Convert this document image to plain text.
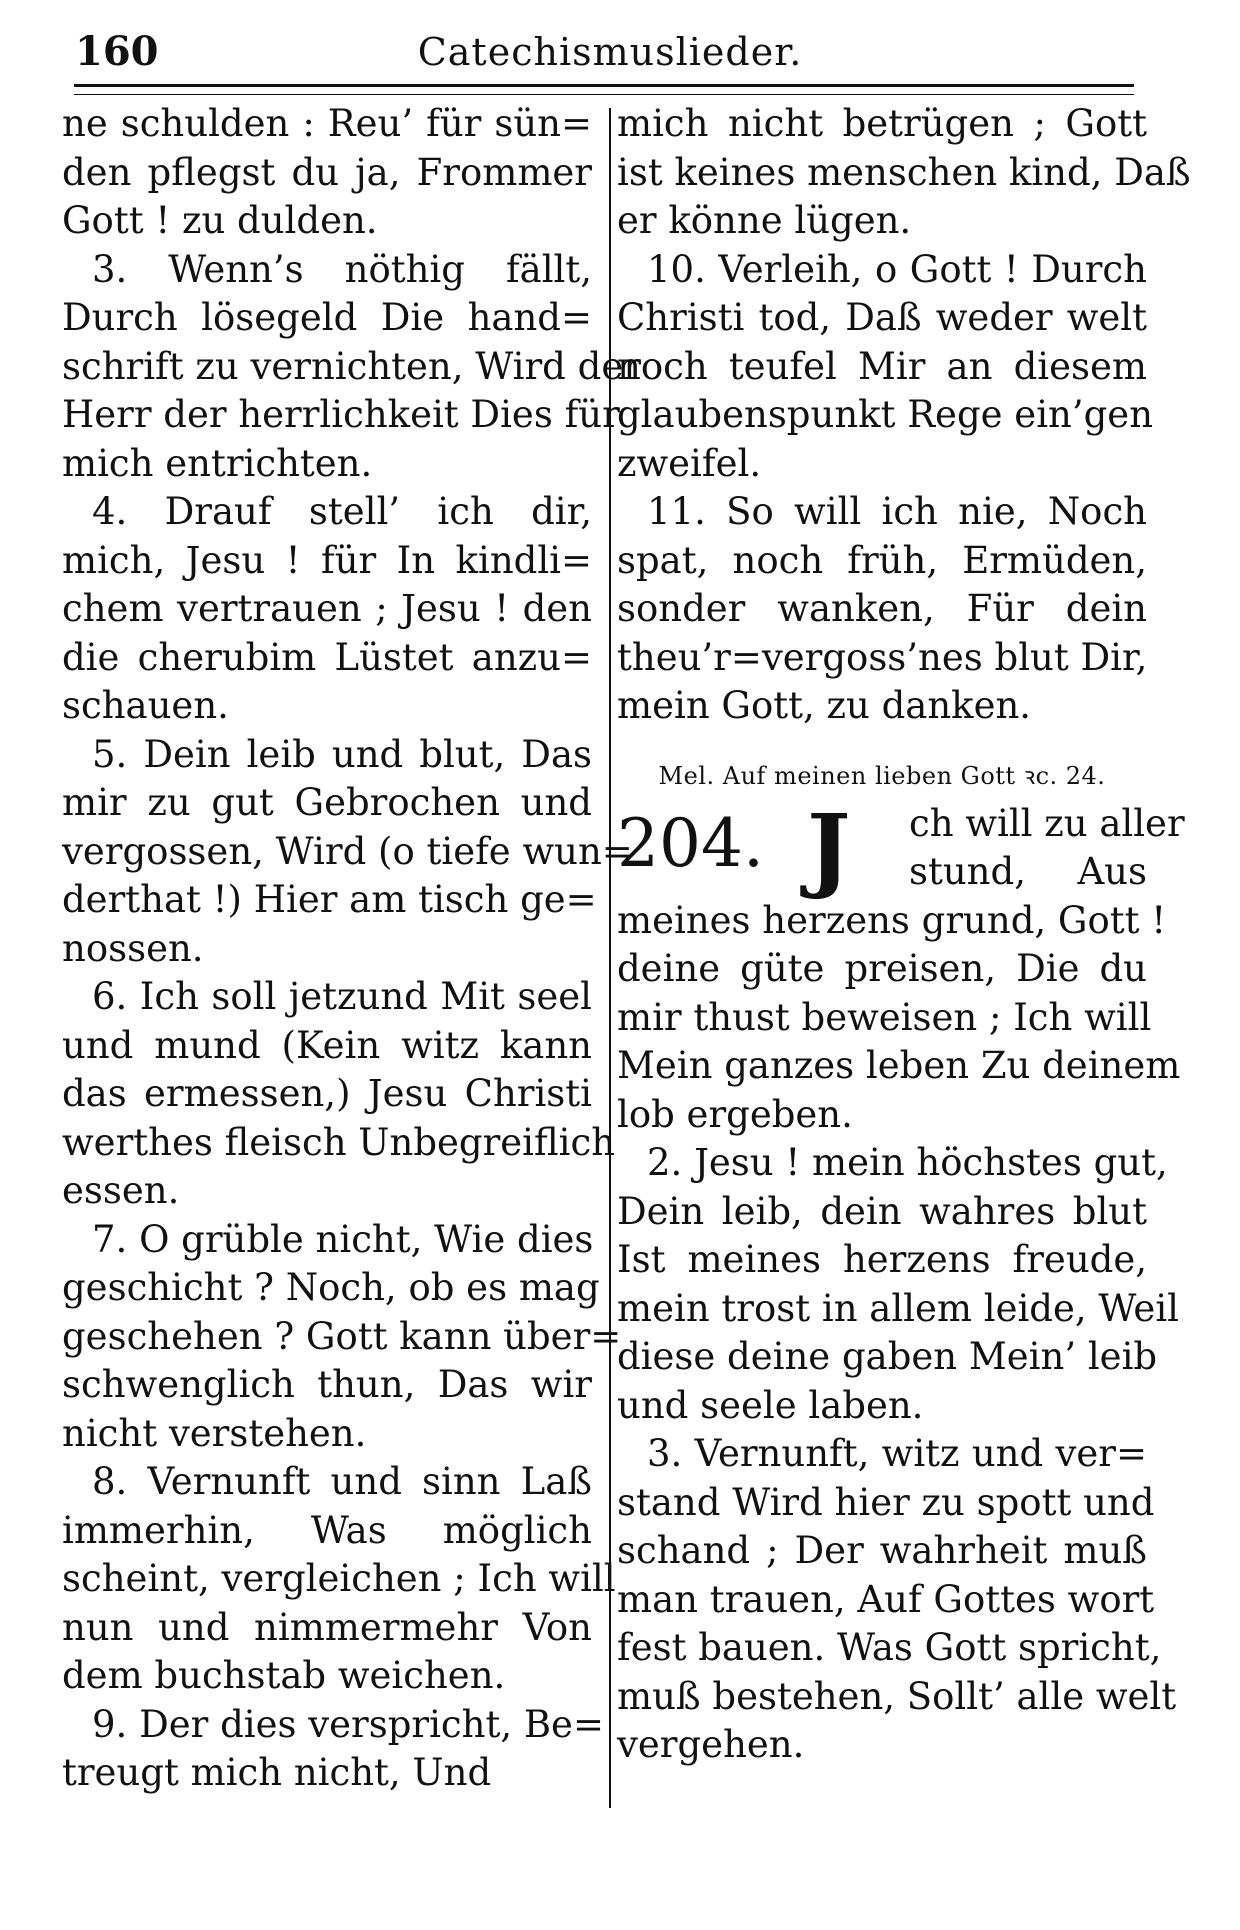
160	Catechismuslieder.
ne schulden : Reu’ für sün=
den pflegst du ja, Frommer
Gott ! zu dulden.
3. Wenn’s nöthig fällt,
Durch lösegeld Die hand=
schrift zu vernichten, Wird der
Herr der herrlichkeit Dies für
mich entrichten.
4. Drauf stell’ ich dir,
mich, Jesu ! für In kindli=
chem vertrauen ; Jesu ! den
die cherubim Lüstet anzu=
schauen.
5. Dein leib und blut, Das
mir zu gut Gebrochen und
vergossen, Wird (o tiefe wun=
derthat !) Hier am tisch ge=
nossen.
6. Ich soll jetzund Mit seel
und mund (Kein witz kann
das ermessen,) Jesu Christi
werthes fleisch Unbegreiflich
essen.
7. O grüble nicht, Wie dies
geschicht ? Noch, ob es mag
geschehen ? Gott kann über=
schwenglich thun, Das wir
nicht verstehen.
8. Vernunft und sinn Laß
immerhin, Was möglich
scheint, vergleichen ; Ich will
nun und nimmermehr Von
dem buchstab weichen.
9. Der dies verspricht, Be=
treugt mich nicht, Und
mich nicht betrügen ; Gott
ist keines menschen kind, Daß
er könne lügen.
10. Verleih, o Gott ! Durch
Christi tod, Daß weder welt
noch teufel Mir an diesem
glaubenspunkt Rege ein’gen
zweifel.
11. So will ich nie, Noch
spat, noch früh, Ermüden,
sonder wanken, Für dein
theu’r=vergoss’nes blut Dir,
mein Gott, zu danken.
Mel. Auf meinen lieben Gott ꝛc. 24.
204. J	ch will zu aller
stund, Aus
meines herzens grund, Gott !
deine güte preisen, Die du
mir thust beweisen ; Ich will
Mein ganzes leben Zu deinem
lob ergeben.
2. Jesu ! mein höchstes gut,
Dein leib, dein wahres blut
Ist meines herzens freude,
mein trost in allem leide, Weil
diese deine gaben Mein’ leib
und seele laben.
3. Vernunft, witz und ver=
stand Wird hier zu spott und
schand ; Der wahrheit muß
man trauen, Auf Gottes wort
fest bauen. Was Gott spricht,
muß bestehen, Sollt’ alle welt
vergehen.
